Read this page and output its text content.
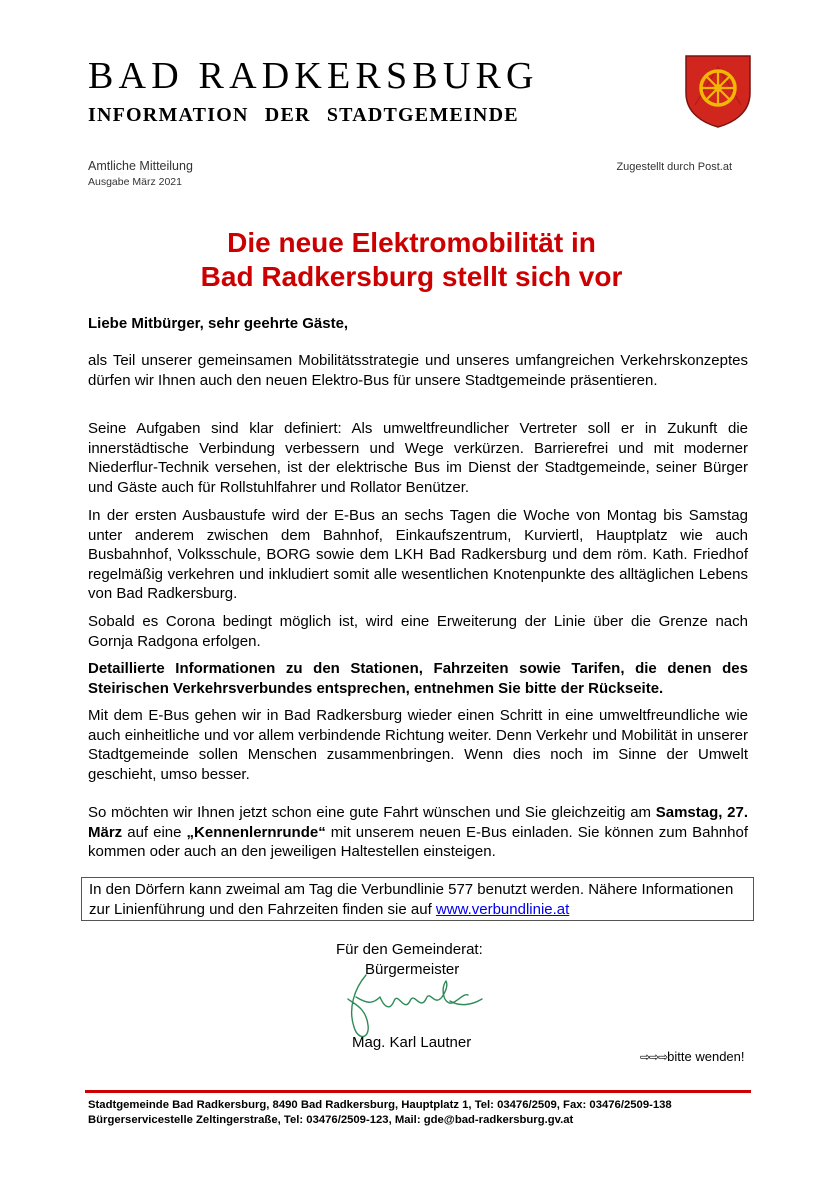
BAD RADKERSBURG
INFORMATION DER STADTGEMEINDE
Amtliche Mitteilung
Ausgabe März 2021
Zugestellt durch Post.at
Die neue Elektromobilität in
Bad Radkersburg stellt sich vor
Liebe Mitbürger, sehr geehrte Gäste,

als Teil unserer gemeinsamen Mobilitätsstrategie und unseres umfangreichen Verkehrskonzeptes dürfen wir Ihnen auch den neuen Elektro-Bus für unsere Stadtgemeinde präsentieren.

Seine Aufgaben sind klar definiert: Als umweltfreundlicher Vertreter soll er in Zukunft die innerstädtische Verbindung verbessern und Wege verkürzen. Barrierefrei und mit moderner Niederflur-Technik versehen, ist der elektrische Bus im Dienst der Stadtgemeinde, seiner Bürger und Gäste auch für Rollstuhlfahrer und Rollator Benützer.

In der ersten Ausbaustufe wird der E-Bus an sechs Tagen die Woche von Montag bis Samstag unter anderem zwischen dem Bahnhof, Einkaufszentrum, Kurviertl, Hauptplatz wie auch Busbahnhof, Volksschule, BORG sowie dem LKH Bad Radkersburg und dem röm. Kath. Friedhof regelmäßig verkehren und inkludiert somit alle wesentlichen Knotenpunkte des alltäglichen Lebens von Bad Radkersburg.

Sobald es Corona bedingt möglich ist, wird eine Erweiterung der Linie über die Grenze nach Gornja Radgona erfolgen.

Detaillierte Informationen zu den Stationen, Fahrzeiten sowie Tarifen, die denen des Steirischen Verkehrsverbundes entsprechen, entnehmen Sie bitte der Rückseite.

Mit dem E-Bus gehen wir in Bad Radkersburg wieder einen Schritt in eine umweltfreundliche wie auch einheitliche und vor allem verbindende Richtung weiter. Denn Verkehr und Mobilität in unserer Stadtgemeinde sollen Menschen zusammenbringen. Wenn dies noch im Sinne der Umwelt geschieht, umso besser.

So möchten wir Ihnen jetzt schon eine gute Fahrt wünschen und Sie gleichzeitig am Samstag, 27. März auf eine „Kennenlernrunde“ mit unserem neuen E-Bus einladen. Sie können zum Bahnhof kommen oder auch an den jeweiligen Haltestellen einsteigen.

In den Dörfern kann zweimal am Tag die Verbundlinie 577 benutzt werden. Nähere Informationen zur Linienführung und den Fahrzeiten finden sie auf www.verbundlinie.at
Für den Gemeinderat:
Bürgermeister
Mag. Karl Lautner
⇨⇨⇨bitte wenden!
Stadtgemeinde Bad Radkersburg, 8490 Bad Radkersburg, Hauptplatz 1, Tel: 03476/2509, Fax: 03476/2509-138
Bürgerservicestelle Zeltingerstraße, Tel: 03476/2509-123, Mail: gde@bad-radkersburg.gv.at
